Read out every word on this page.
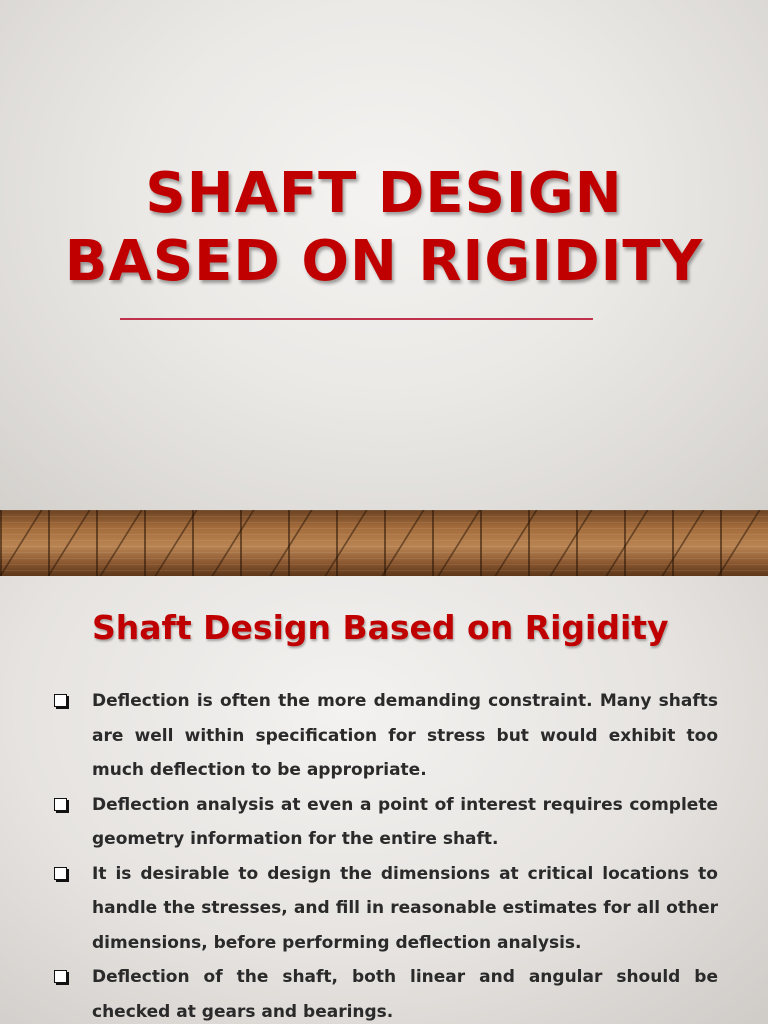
SHAFT DESIGN
BASED ON RIGIDITY
Shaft Design Based on Rigidity
Deflection is often the more demanding constraint. Many shafts are well within specification for stress but would exhibit too much deflection to be appropriate.
Deflection analysis at even a point of interest requires complete geometry information for the entire shaft.
It is desirable to design the dimensions at critical locations to handle the stresses, and fill in reasonable estimates for all other dimensions, before performing deflection analysis.
Deflection of the shaft, both linear and angular should be checked at gears and bearings.
